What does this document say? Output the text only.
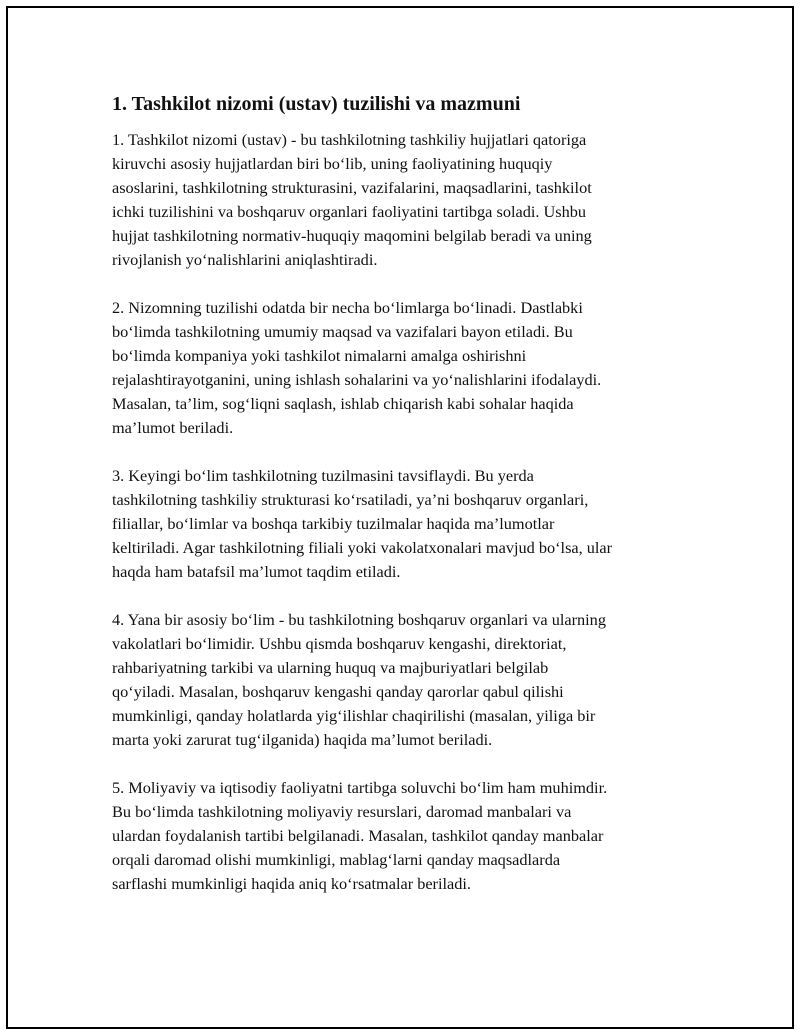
1. Tashkilot nizomi (ustav) tuzilishi va mazmuni

1. Tashkilot nizomi (ustav) - bu tashkilotning tashkiliy hujjatlari qatoriga
kiruvchi asosiy hujjatlardan biri bo‘lib, uning faoliyatining huquqiy
asoslarini, tashkilotning strukturasini, vazifalarini, maqsadlarini, tashkilot
ichki tuzilishini va boshqaruv organlari faoliyatini tartibga soladi. Ushbu
hujjat tashkilotning normativ-huquqiy maqomini belgilab beradi va uning
rivojlanish yo‘nalishlarini aniqlashtiradi.

2. Nizomning tuzilishi odatda bir necha bo‘limlarga bo‘linadi. Dastlabki
bo‘limda tashkilotning umumiy maqsad va vazifalari bayon etiladi. Bu
bo‘limda kompaniya yoki tashkilot nimalarni amalga oshirishni
rejalashtirayotganini, uning ishlash sohalarini va yo‘nalishlarini ifodalaydi.
Masalan, ta’lim, sog‘liqni saqlash, ishlab chiqarish kabi sohalar haqida
ma’lumot beriladi.

3. Keyingi bo‘lim tashkilotning tuzilmasini tavsiflaydi. Bu yerda
tashkilotning tashkiliy strukturasi ko‘rsatiladi, ya’ni boshqaruv organlari,
filiallar, bo‘limlar va boshqa tarkibiy tuzilmalar haqida ma’lumotlar
keltiriladi. Agar tashkilotning filiali yoki vakolatxonalari mavjud bo‘lsa, ular
haqda ham batafsil ma’lumot taqdim etiladi.

4. Yana bir asosiy bo‘lim - bu tashkilotning boshqaruv organlari va ularning
vakolatlari bo‘limidir. Ushbu qismda boshqaruv kengashi, direktoriat,
rahbariyatning tarkibi va ularning huquq va majburiyatlari belgilab
qo‘yiladi. Masalan, boshqaruv kengashi qanday qarorlar qabul qilishi
mumkinligi, qanday holatlarda yig‘ilishlar chaqirilishi (masalan, yiliga bir
marta yoki zarurat tug‘ilganida) haqida ma’lumot beriladi.

5. Moliyaviy va iqtisodiy faoliyatni tartibga soluvchi bo‘lim ham muhimdir.
Bu bo‘limda tashkilotning moliyaviy resurslari, daromad manbalari va
ulardan foydalanish tartibi belgilanadi. Masalan, tashkilot qanday manbalar
orqali daromad olishi mumkinligi, mablag‘larni qanday maqsadlarda
sarflashi mumkinligi haqida aniq ko‘rsatmalar beriladi.
